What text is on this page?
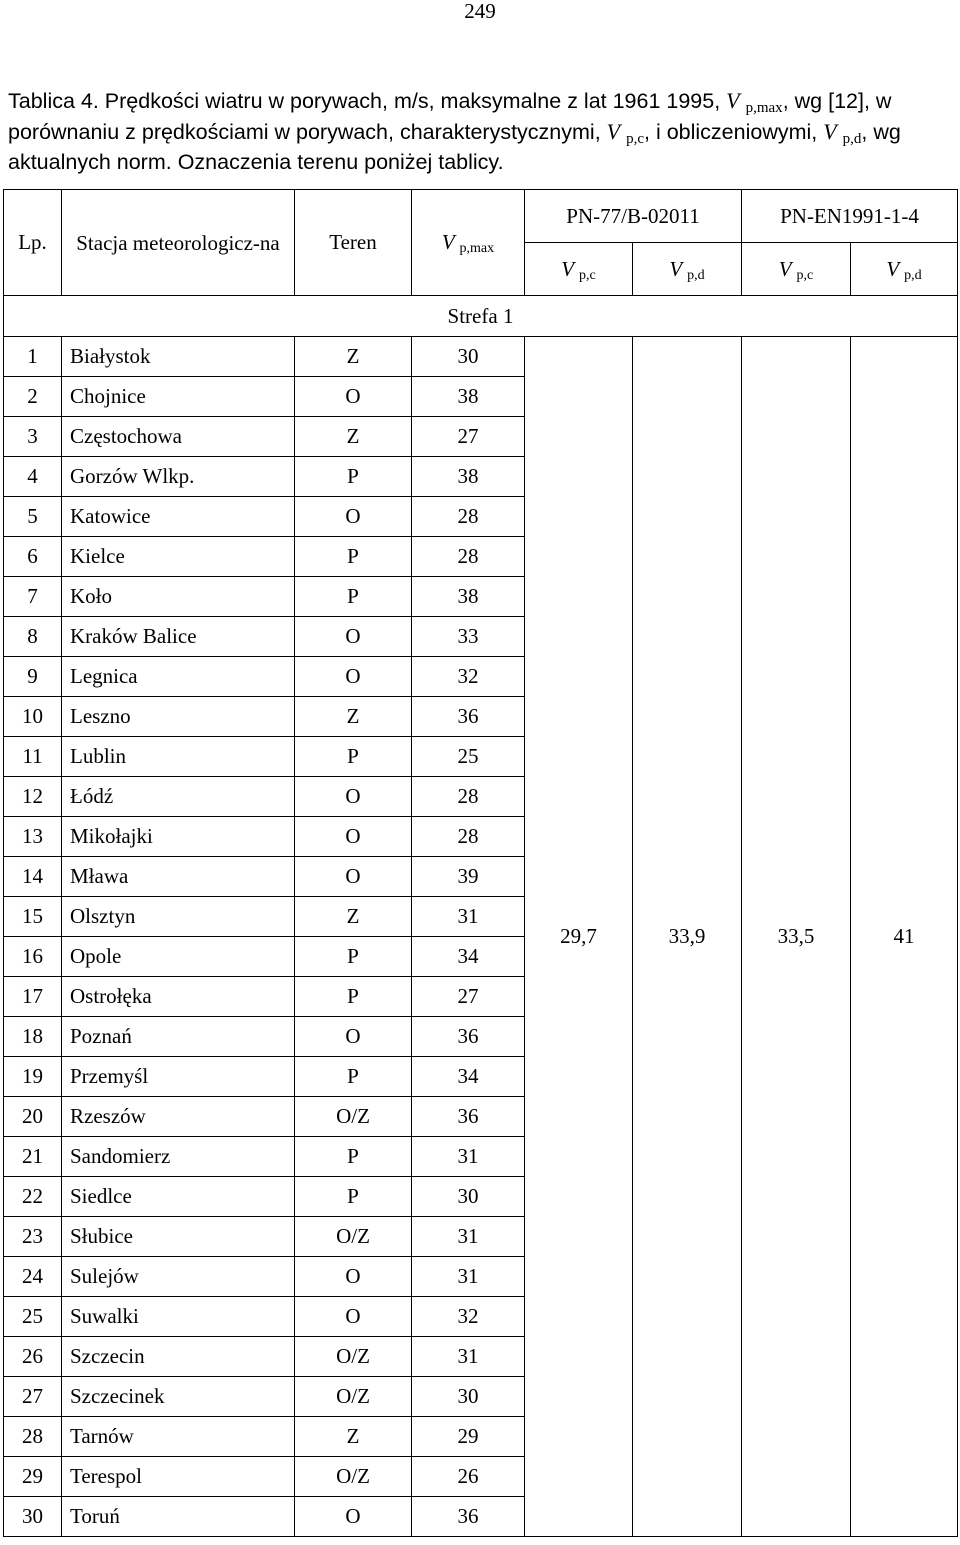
249
Tablica 4. Prędkości wiatru w porywach, m/s, maksymalne z lat 1961 1995, V $_{p,max}$, wg [12], w porównaniu z prędkościami w porywach, charakterystycznymi, V $_{p,c}$, i obliczeniowymi, V $_{p,d}$, wg aktualnych norm. Oznaczenia terenu poniżej tablicy.
Lp.	Stacja meteorologicz-na	Teren	V $_{p,max}$	PN-77/B-02011		PN-EN1991-1-4	
				V $_{p,c}$	V $_{p,d}$	V $_{p,c}$	V $_{p,d}$
Strefa 1							
1	Białystok	Z	30	29,7	33,9	33,5	41
2	Chojnice	O	38				
3	Częstochowa	Z	27				
4	Gorzów Wlkp.	P	38				
5	Katowice	O	28				
6	Kielce	P	28				
7	Koło	P	38				
8	Kraków Balice	O	33				
9	Legnica	O	32				
10	Leszno	Z	36				
11	Lublin	P	25				
12	Łódź	O	28				
13	Mikołajki	O	28				
14	Mława	O	39				
15	Olsztyn	Z	31				
16	Opole	P	34				
17	Ostrołęka	P	27				
18	Poznań	O	36				
19	Przemyśl	P	34				
20	Rzeszów	O/Z	36				
21	Sandomierz	P	31				
22	Siedlce	P	30				
23	Słubice	O/Z	31				
24	Sulejów	O	31				
25	Suwalki	O	32				
26	Szczecin	O/Z	31				
27	Szczecinek	O/Z	30				
28	Tarnów	Z	29				
29	Terespol	O/Z	26				
30	Toruń	O	36				
